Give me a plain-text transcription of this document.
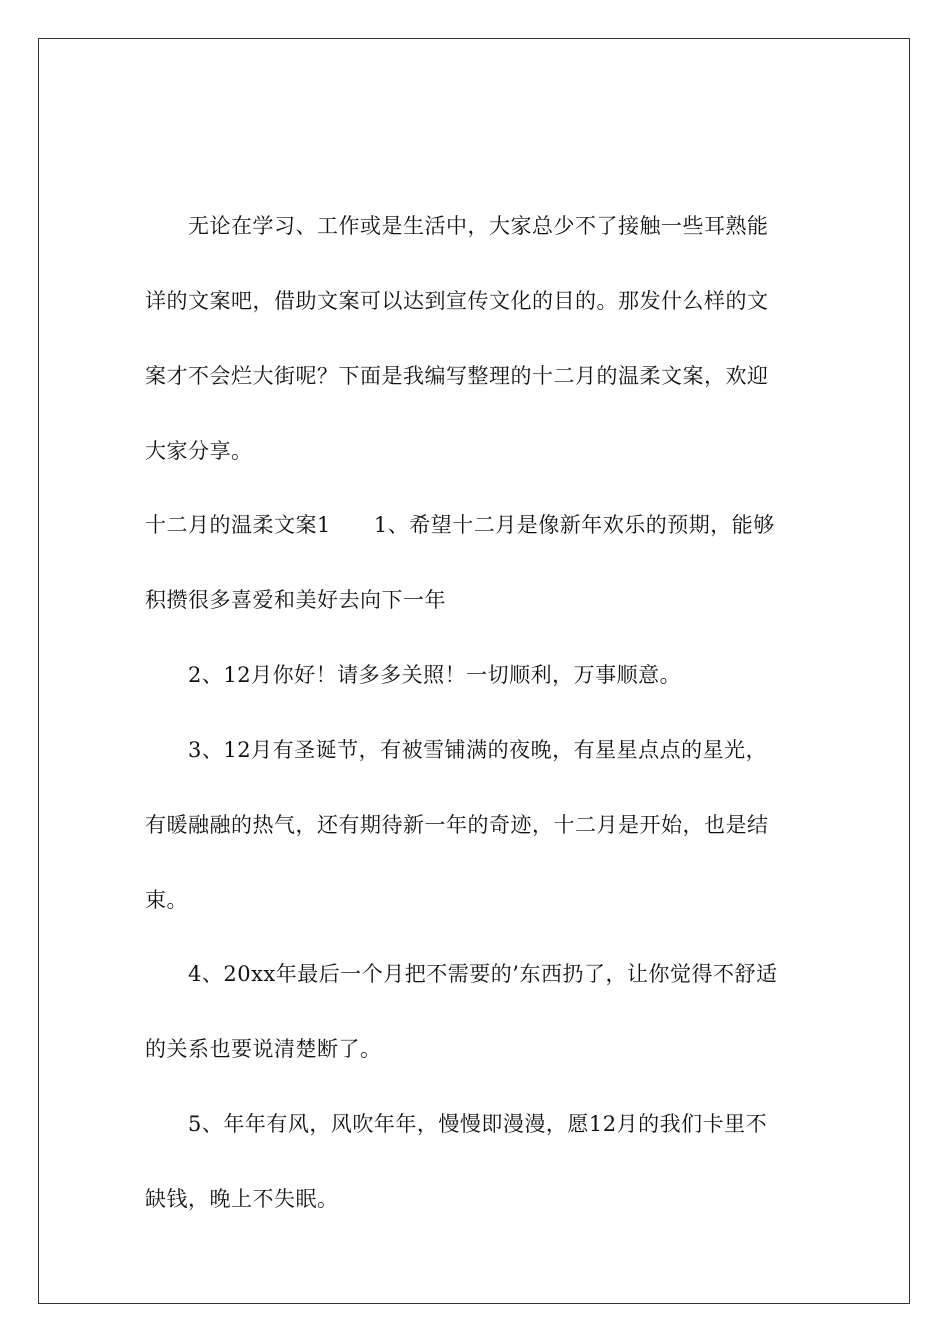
无论在学习、工作或是生活中，大家总少不了接触一些耳熟能
详的文案吧，借助文案可以达到宣传文化的目的。那发什么样的文
案才不会烂大街呢？下面是我编写整理的十二月的温柔文案，欢迎
大家分享。
十二月的温柔文案1　　1、希望十二月是像新年欢乐的预期，能够
积攒很多喜爱和美好去向下一年
2、12月你好！请多多关照！一切顺利，万事顺意。
3、12月有圣诞节，有被雪铺满的夜晚，有星星点点的星光，
有暖融融的热气，还有期待新一年的奇迹，十二月是开始，也是结
束。
4、20xx年最后一个月把不需要的’东西扔了，让你觉得不舒适
的关系也要说清楚断了。
5、年年有风，风吹年年，慢慢即漫漫，愿12月的我们卡里不
缺钱，晚上不失眠。
